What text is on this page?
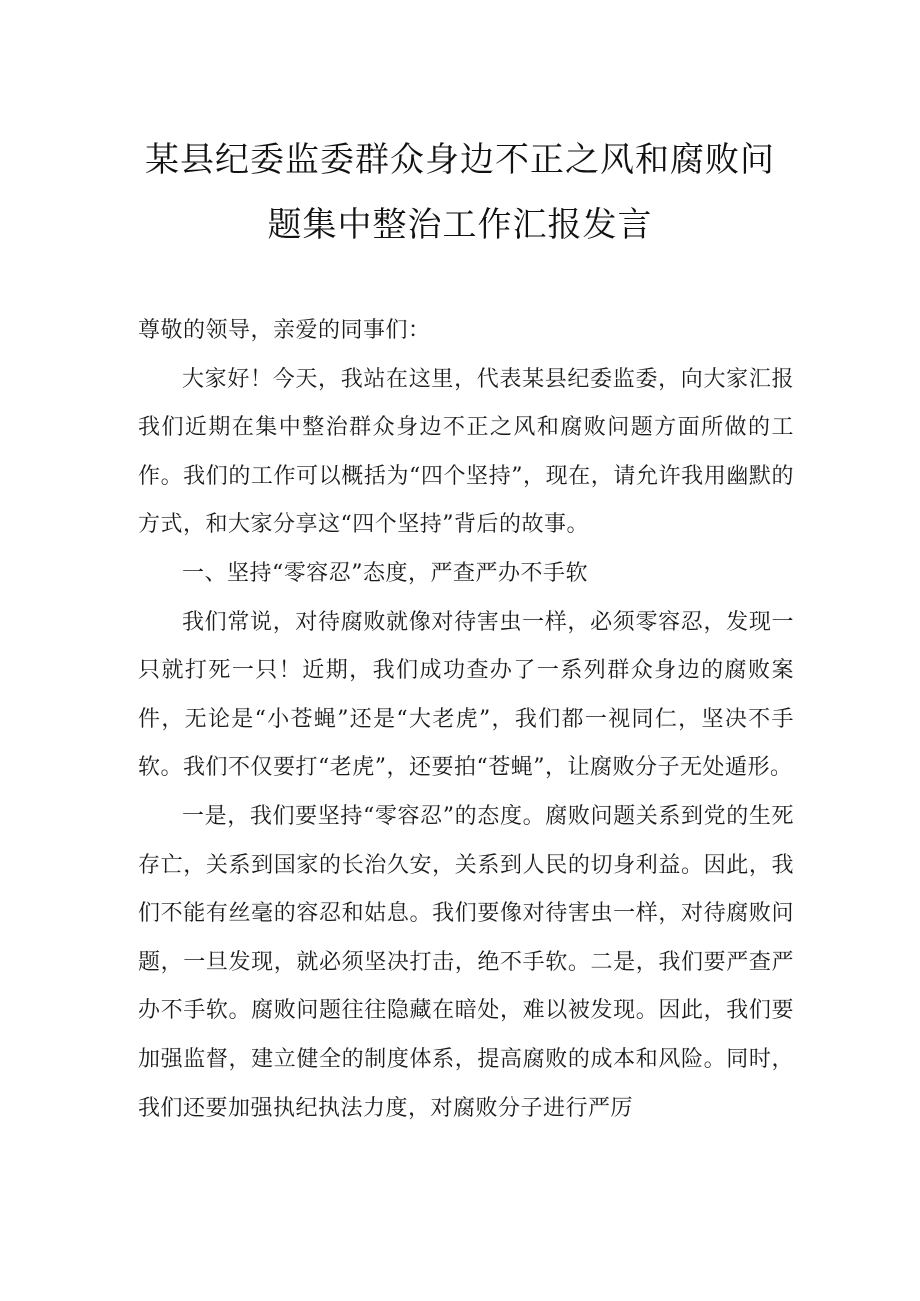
某县纪委监委群众身边不正之风和腐败问
题集中整治工作汇报发言

尊敬的领导，亲爱的同事们：

大家好！今天，我站在这里，代表某县纪委监委，向大家汇报我们近期在集中整治群众身边不正之风和腐败问题方面所做的工作。我们的工作可以概括为“四个坚持”，现在，请允许我用幽默的方式，和大家分享这“四个坚持”背后的故事。

一、坚持“零容忍”态度，严查严办不手软

我们常说，对待腐败就像对待害虫一样，必须零容忍，发现一只就打死一只！近期，我们成功查办了一系列群众身边的腐败案件，无论是“小苍蝇”还是“大老虎”，我们都一视同仁，坚决不手软。我们不仅要打“老虎”，还要拍“苍蝇”，让腐败分子无处遁形。

一是，我们要坚持“零容忍”的态度。腐败问题关系到党的生死存亡，关系到国家的长治久安，关系到人民的切身利益。因此，我们不能有丝毫的容忍和姑息。我们要像对待害虫一样，对待腐败问题，一旦发现，就必须坚决打击，绝不手软。二是，我们要严查严办不手软。腐败问题往往隐藏在暗处，难以被发现。因此，我们要加强监督，建立健全的制度体系，提高腐败的成本和风险。同时，我们还要加强执纪执法力度，对腐败分子进行严厉
